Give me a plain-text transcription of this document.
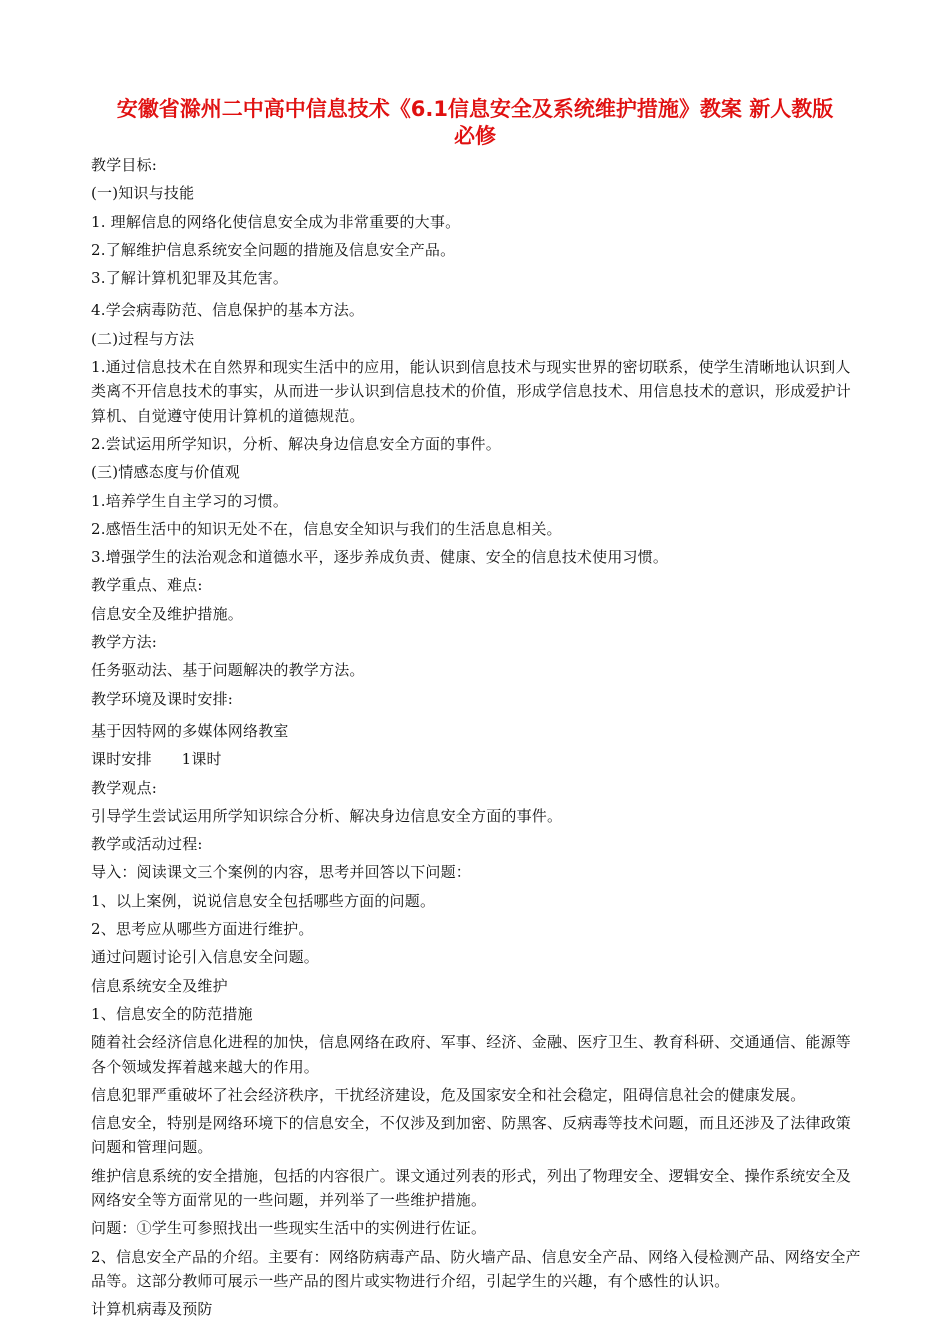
安徽省滁州二中高中信息技术《6.1信息安全及系统维护措施》教案 新人教版
必修

教学目标:

(一)知识与技能

1. 理解信息的网络化使信息安全成为非常重要的大事。

2.了解维护信息系统安全问题的措施及信息安全产品。

3.了解计算机犯罪及其危害。

4.学会病毒防范、信息保护的基本方法。

(二)过程与方法

1.通过信息技术在自然界和现实生活中的应用，能认识到信息技术与现实世界的密切联系，使学生清晰地认识到人类离不开信息技术的事实，从而进一步认识到信息技术的价值，形成学信息技术、用信息技术的意识，形成爱护计算机、自觉遵守使用计算机的道德规范。

2.尝试运用所学知识，分析、解决身边信息安全方面的事件。

(三)情感态度与价值观

1.培养学生自主学习的习惯。

2.感悟生活中的知识无处不在，信息安全知识与我们的生活息息相关。

3.增强学生的法治观念和道德水平，逐步养成负责、健康、安全的信息技术使用习惯。

教学重点、难点:

信息安全及维护措施。

教学方法:

任务驱动法、基于问题解决的教学方法。

教学环境及课时安排:

基于因特网的多媒体网络教室

课时安排      1课时

教学观点:

引导学生尝试运用所学知识综合分析、解决身边信息安全方面的事件。

教学或活动过程:

导入：阅读课文三个案例的内容，思考并回答以下问题：

1、以上案例，说说信息安全包括哪些方面的问题。

2、思考应从哪些方面进行维护。

通过问题讨论引入信息安全问题。

信息系统安全及维护

1、信息安全的防范措施

随着社会经济信息化进程的加快，信息网络在政府、军事、经济、金融、医疗卫生、教育科研、交通通信、能源等各个领域发挥着越来越大的作用。

信息犯罪严重破坏了社会经济秩序，干扰经济建设，危及国家安全和社会稳定，阻碍信息社会的健康发展。

信息安全，特别是网络环境下的信息安全，不仅涉及到加密、防黑客、反病毒等技术问题，而且还涉及了法律政策问题和管理问题。

维护信息系统的安全措施，包括的内容很广。课文通过列表的形式，列出了物理安全、逻辑安全、操作系统安全及网络安全等方面常见的一些问题，并列举了一些维护措施。

问题：①学生可参照找出一些现实生活中的实例进行佐证。

2、信息安全产品的介绍。主要有：网络防病毒产品、防火墙产品、信息安全产品、网络入侵检测产品、网络安全产品等。这部分教师可展示一些产品的图片或实物进行介绍，引起学生的兴趣，有个感性的认识。

计算机病毒及预防
